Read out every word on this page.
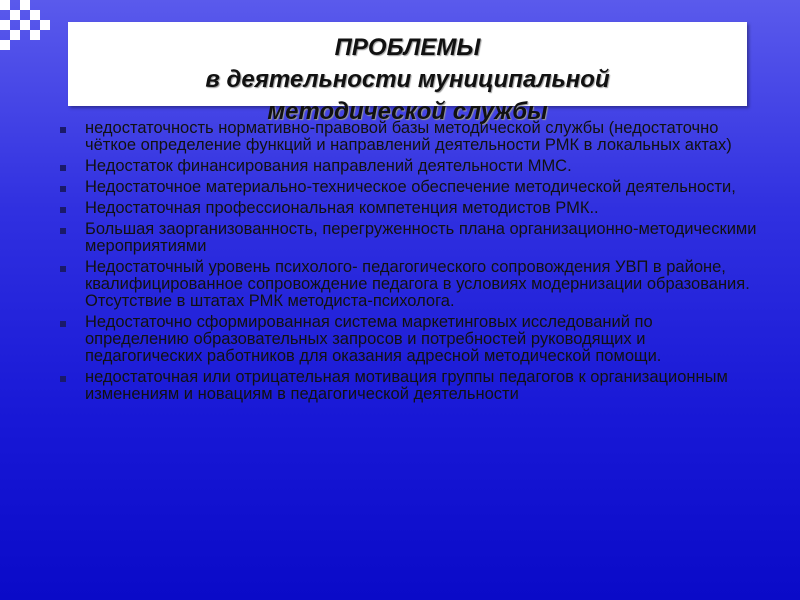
ПРОБЛЕМЫ
в деятельности муниципальной
методической службы
недостаточность нормативно-правовой базы методической службы (недостаточно чёткое определение функций и направлений деятельности РМК в локальных актах)
Недостаток финансирования направлений деятельности ММС.
Недостаточное материально-техническое обеспечение методической деятельности,
Недостаточная профессиональная компетенция методистов РМК..
Большая заорганизованность, перегруженность плана организационно-методическими мероприятиями
Недостаточный уровень психолого- педагогического сопровождения УВП в районе, квалифицированное сопровождение педагога в условиях модернизации образования. Отсутствие в штатах РМК методиста-психолога.
Недостаточно сформированная система маркетинговых исследований по определению образовательных запросов и потребностей руководящих и педагогических работников для оказания адресной методической помощи.
недостаточная или отрицательная мотивация группы педагогов к организационным изменениям и новациям в педагогической деятельности
